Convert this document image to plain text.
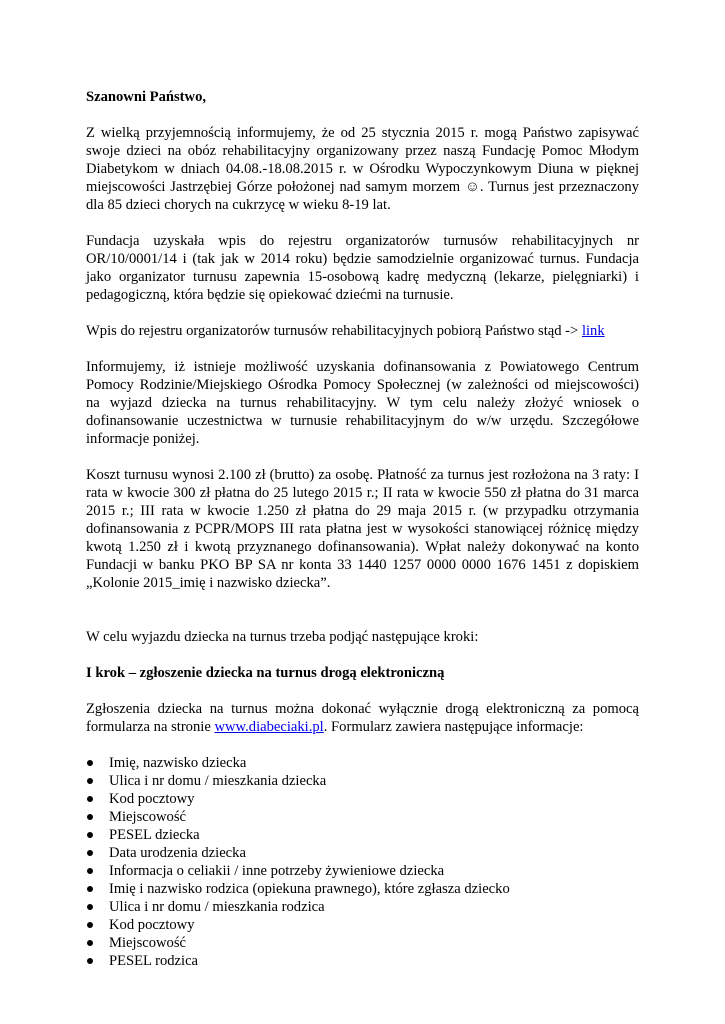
Szanowni Państwo,

Z wielką przyjemnością informujemy, że od 25 stycznia 2015 r. mogą Państwo zapisywać swoje dzieci na obóz rehabilitacyjny organizowany przez naszą Fundację Pomoc Młodym Diabetykom w dniach 04.08.-18.08.2015 r. w Ośrodku Wypoczynkowym Diuna w pięknej miejscowości Jastrzębiej Górze położonej nad samym morzem ☺. Turnus jest przeznaczony dla 85 dzieci chorych na cukrzycę w wieku 8-19 lat.

Fundacja uzyskała wpis do rejestru organizatorów turnusów rehabilitacyjnych nr OR/10/0001/14 i (tak jak w 2014 roku) będzie samodzielnie organizować turnus. Fundacja jako organizator turnusu zapewnia 15-osobową kadrę medyczną (lekarze, pielęgniarki) i pedagogiczną, która będzie się opiekować dziećmi na turnusie.

Wpis do rejestru organizatorów turnusów rehabilitacyjnych pobiorą Państwo stąd -> link

Informujemy, iż istnieje możliwość uzyskania dofinansowania z Powiatowego Centrum Pomocy Rodzinie/Miejskiego Ośrodka Pomocy Społecznej (w zależności od miejscowości) na wyjazd dziecka na turnus rehabilitacyjny. W tym celu należy złożyć wniosek o dofinansowanie uczestnictwa w turnusie rehabilitacyjnym do w/w urzędu. Szczegółowe informacje poniżej.

Koszt turnusu wynosi 2.100 zł (brutto) za osobę. Płatność za turnus jest rozłożona na 3 raty: I rata w kwocie 300 zł płatna do 25 lutego 2015 r.; II rata w kwocie 550 zł płatna do 31 marca 2015 r.; III rata w kwocie 1.250 zł płatna do 29 maja 2015 r. (w przypadku otrzymania dofinansowania z PCPR/MOPS III rata płatna jest w wysokości stanowiącej różnicę między kwotą 1.250 zł i kwotą przyznanego dofinansowania). Wpłat należy dokonywać na konto Fundacji w banku PKO BP SA nr konta 33 1440 1257 0000 0000 1676 1451 z dopiskiem „Kolonie 2015_imię i nazwisko dziecka”.

W celu wyjazdu dziecka na turnus trzeba podjąć następujące kroki:

I krok – zgłoszenie dziecka na turnus drogą elektroniczną

Zgłoszenia dziecka na turnus można dokonać wyłącznie drogą elektroniczną za pomocą formularza na stronie www.diabeciaki.pl. Formularz zawiera następujące informacje:

Imię, nazwisko dziecka
Ulica i nr domu / mieszkania dziecka
Kod pocztowy
Miejscowość
PESEL dziecka
Data urodzenia dziecka
Informacja o celiakii / inne potrzeby żywieniowe dziecka
Imię i nazwisko rodzica (opiekuna prawnego), które zgłasza dziecko
Ulica i nr domu / mieszkania rodzica
Kod pocztowy
Miejscowość
PESEL rodzica
